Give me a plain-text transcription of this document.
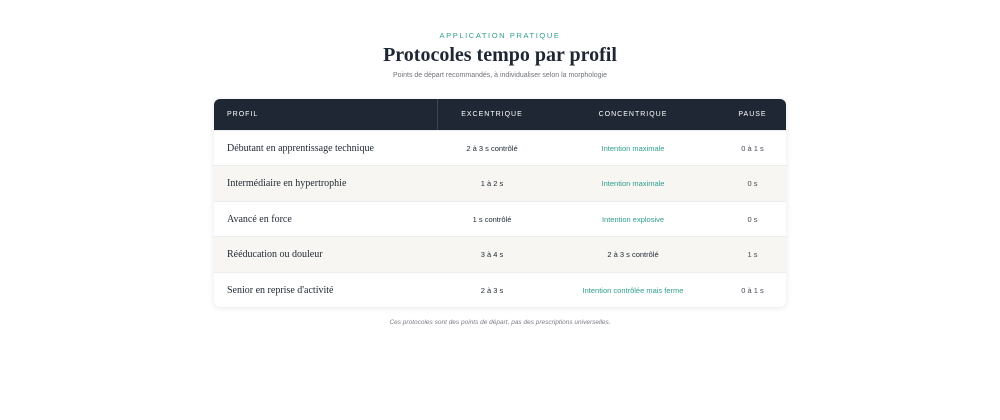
APPLICATION PRATIQUE
Protocoles tempo par profil
Points de départ recommandés, à individualiser selon la morphologie
PROFIL	EXCENTRIQUE	CONCENTRIQUE	PAUSE
Débutant en apprentissage technique	2 à 3 s contrôlé	Intention maximale	0 à 1 s
Intermédiaire en hypertrophie	1 à 2 s	Intention maximale	0 s
Avancé en force	1 s contrôlé	Intention explosive	0 s
Rééducation ou douleur	3 à 4 s	2 à 3 s contrôlé	1 s
Senior en reprise d'activité	2 à 3 s	Intention contrôlée mais ferme	0 à 1 s

Ces protocoles sont des points de départ, pas des prescriptions universelles.
